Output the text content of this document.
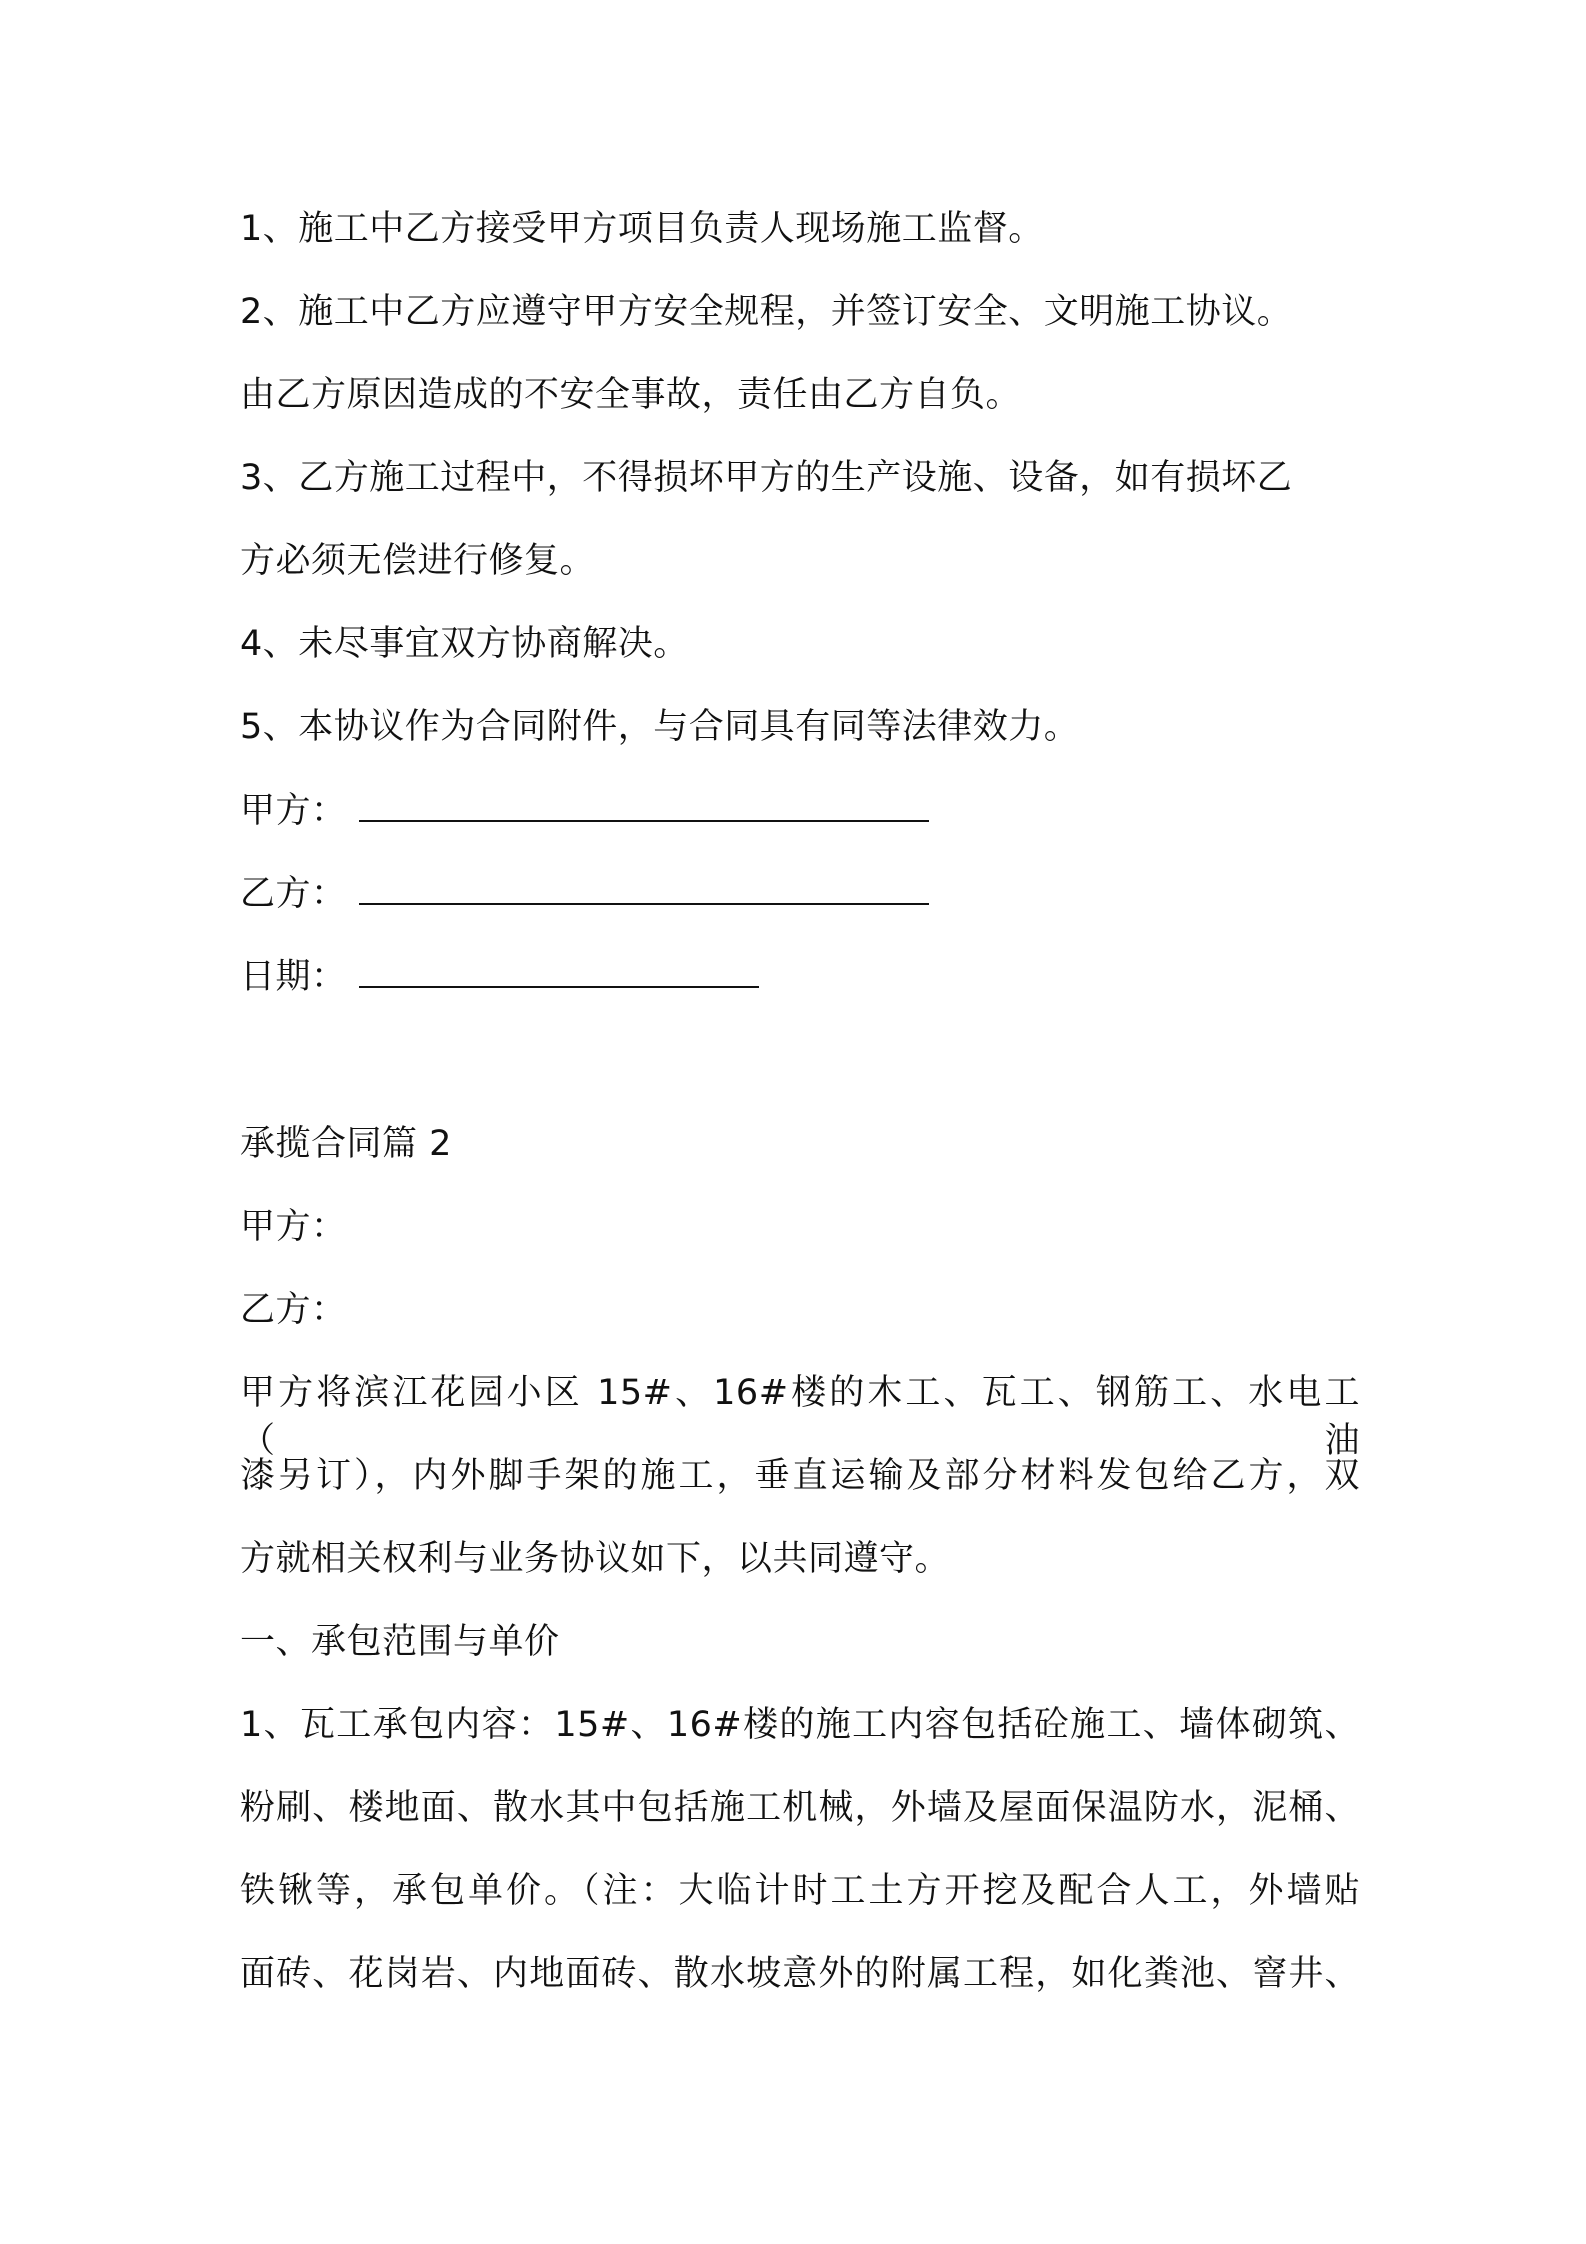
1、施工中乙方接受甲方项目负责人现场施工监督。
2、施工中乙方应遵守甲方安全规程，并签订安全、文明施工协议。
由乙方原因造成的不安全事故，责任由乙方自负。
3、乙方施工过程中，不得损坏甲方的生产设施、设备，如有损坏乙
方必须无偿进行修复。
4、未尽事宜双方协商解决。
5、本协议作为合同附件，与合同具有同等法律效力。
甲方：
乙方：
日期：
承揽合同篇 2
甲方：
乙方：
甲方将滨江花园小区 15#、16#楼的木工、瓦工、钢筋工、水电工（油
漆另订），内外脚手架的施工，垂直运输及部分材料发包给乙方，双
方就相关权利与业务协议如下，以共同遵守。
一、承包范围与单价
1、瓦工承包内容：15#、16#楼的施工内容包括砼施工、墙体砌筑、
粉刷、楼地面、散水其中包括施工机械，外墙及屋面保温防水，泥桶、
铁锹等，承包单价。（注：大临计时工土方开挖及配合人工，外墙贴
面砖、花岗岩、内地面砖、散水坡意外的附属工程，如化粪池、窨井、
